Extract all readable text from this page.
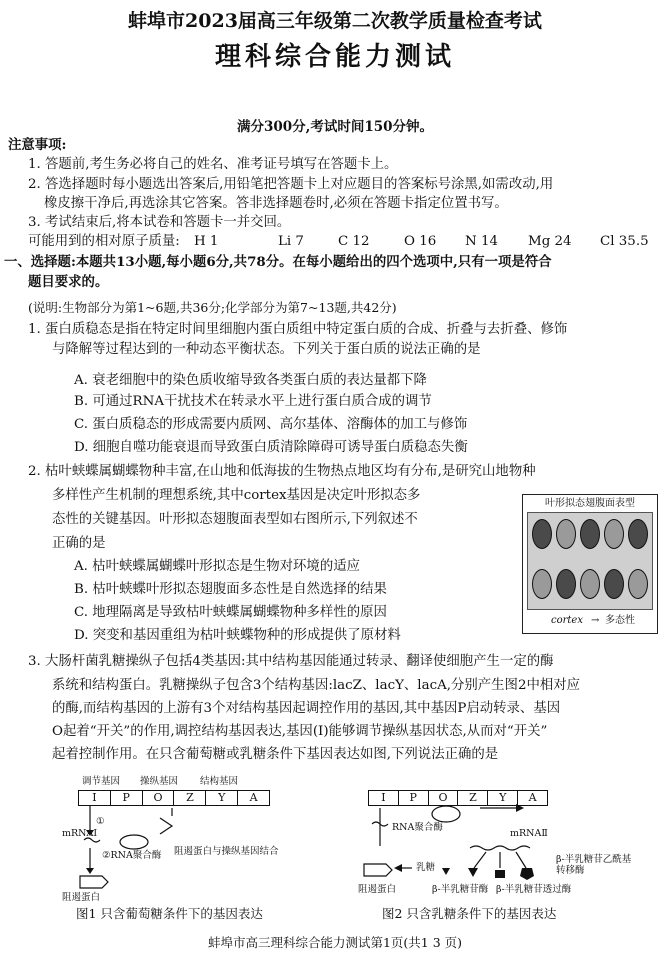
蚌埠市2023届高三年级第二次教学质量检查考试
理科综合能力测试
满分300分,考试时间150分钟。
注意事项:
1. 答题前,考生务必将自己的姓名、准考证号填写在答题卡上。
2. 答选择题时每小题选出答案后,用铅笔把答题卡上对应题目的答案标号涂黑,如需改动,用
橡皮擦干净后,再选涂其它答案。答非选择题卷时,必须在答题卡指定位置书写。
3. 考试结束后,将本试卷和答题卡一并交回。
可能用到的相对原子质量: H 1	Li 7	C 12	O 16 N 14 Mg 24 Cl 35.5
一、选择题:本题共13小题,每小题6分,共78分。在每小题给出的四个选项中,只有一项是符合
题目要求的。
(说明:生物部分为第1~6题,共36分;化学部分为第7~13题,共42分)
1. 蛋白质稳态是指在特定时间里细胞内蛋白质组中特定蛋白质的合成、折叠与去折叠、修饰
与降解等过程达到的一种动态平衡状态。下列关于蛋白质的说法正确的是
A. 衰老细胞中的染色质收缩导致各类蛋白质的表达量都下降
B. 可通过RNA干扰技术在转录水平上进行蛋白质合成的调节
C. 蛋白质稳态的形成需要内质网、高尔基体、溶酶体的加工与修饰
D. 细胞自噬功能衰退而导致蛋白质清除障碍可诱导蛋白质稳态失衡
2. 枯叶蛱蝶属蝴蝶物种丰富,在山地和低海拔的生物热点地区均有分布,是研究山地物种
多样性产生机制的理想系统,其中cortex基因是决定叶形拟态多
态性的关键基因。叶形拟态翅腹面表型如右图所示,下列叙述不
正确的是
A. 枯叶蛱蝶属蝴蝶叶形拟态是生物对环境的适应
B. 枯叶蛱蝶叶形拟态翅腹面多态性是自然选择的结果
C. 地理隔离是导致枯叶蛱蝶属蝴蝶物种多样性的原因
D. 突变和基因重组为枯叶蛱蝶物种的形成提供了原材料
叶形拟态翅腹面表型
cortex → 多态性
3. 大肠杆菌乳糖操纵子包括4类基因:其中结构基因能通过转录、翻译使细胞产生一定的酶
系统和结构蛋白。乳糖操纵子包含3个结构基因:lacZ、lacY、lacA,分别产生图2中相对应
的酶,而结构基因的上游有3个对结构基因起调控作用的基因,其中基因P启动转录、基因
O起着“开关”的作用,调控结构基因表达,基因(I)能够调节操纵基因状态,从而对“开关”
起着控制作用。在只含葡萄糖或乳糖条件下基因表达如图,下列说法正确的是
调节基因 操纵基因 结构基因
I	P	O	Z	Y	A
mRNAⅠ
①
②RNA聚合酶 阻遏蛋白与操纵基因结合
阻遏蛋白
I	P	O	Z	Y	A
RNA聚合酶
mRNAⅡ
乳糖
阻遏蛋白	β-半乳糖苷酶 β-半乳糖苷透过酶
β-半乳糖苷乙酰基转移酶
图1 只含葡萄糖条件下的基因表达	图2 只含乳糖条件下的基因表达
蚌埠市高三理科综合能力测试第1页(共1 3 页)
